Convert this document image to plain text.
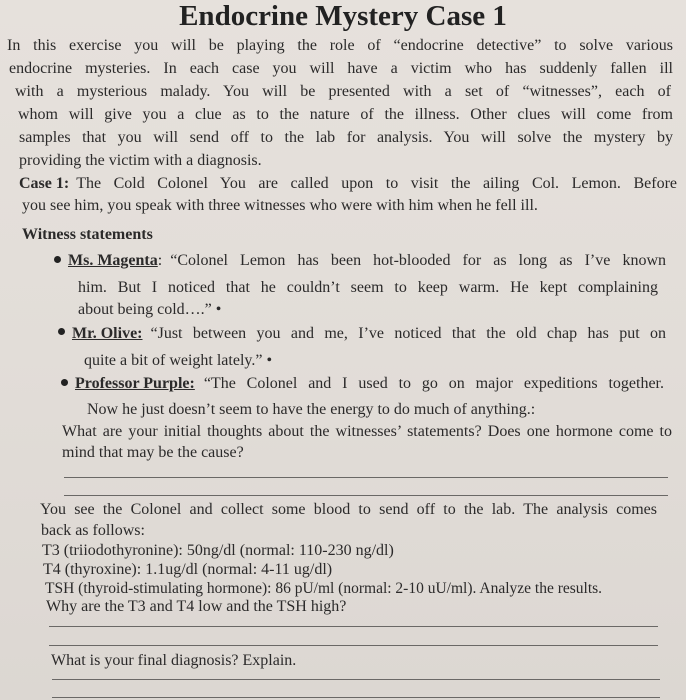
Endocrine Mystery Case 1
In this exercise you will be playing the role of “endocrine detective” to solve various
endocrine mysteries. In each case you will have a victim who has suddenly fallen ill
with a mysterious malady. You will be presented with a set of “witnesses”, each of
whom will give you a clue as to the nature of the illness. Other clues will come from
samples that you will send off to the lab for analysis. You will solve the mystery by
providing the victim with a diagnosis.
Case 1: The Cold Colonel You are called upon to visit the ailing Col. Lemon. Before
you see him, you speak with three witnesses who were with him when he fell ill.
Witness statements
Ms. Magenta : “Colonel Lemon has been hot-blooded for as long as I’ve known
him. But I noticed that he couldn’t seem to keep warm. He kept complaining
about being cold….” •
Mr. Olive: “Just between you and me, I’ve noticed that the old chap has put on
quite a bit of weight lately.” •
Professor Purple: “The Colonel and I used to go on major expeditions together.
Now he just doesn’t seem to have the energy to do much of anything.:
What are your initial thoughts about the witnesses’ statements? Does one hormone come to
mind that may be the cause?
You see the Colonel and collect some blood to send off to the lab. The analysis comes
back as follows:
T3 (triiodothyronine): 50ng/dl (normal: 110-230 ng/dl)
T4 (thyroxine): 1.1ug/dl (normal: 4-11 ug/dl)
TSH (thyroid-stimulating hormone): 86 pU/ml (normal: 2-10 uU/ml). Analyze the results.
Why are the T3 and T4 low and the TSH high?
What is your final diagnosis? Explain.
